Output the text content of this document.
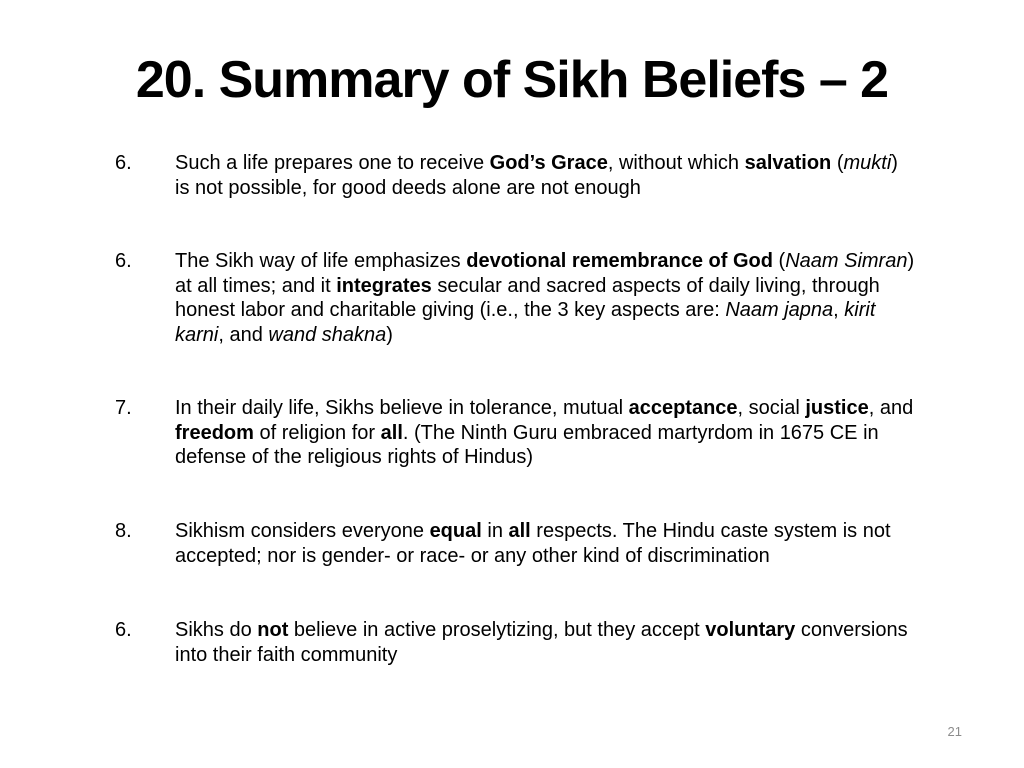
20. Summary of Sikh Beliefs – 2
6. Such a life prepares one to receive God’s Grace, without which salvation (mukti) is not possible, for good deeds alone are not enough
6. The Sikh way of life emphasizes devotional remembrance of God (Naam Simran) at all times; and it integrates secular and sacred aspects of daily living, through honest labor and charitable giving (i.e., the 3 key aspects are: Naam japna, kirit karni, and wand shakna)
7. In their daily life, Sikhs believe in tolerance, mutual acceptance, social justice, and freedom of religion for all. (The Ninth Guru embraced martyrdom in 1675 CE in defense of the religious rights of Hindus)
8. Sikhism considers everyone equal in all respects. The Hindu caste system is not accepted; nor is gender- or race- or any other kind of discrimination
6. Sikhs do not believe in active proselytizing, but they accept voluntary conversions into their faith community
21
